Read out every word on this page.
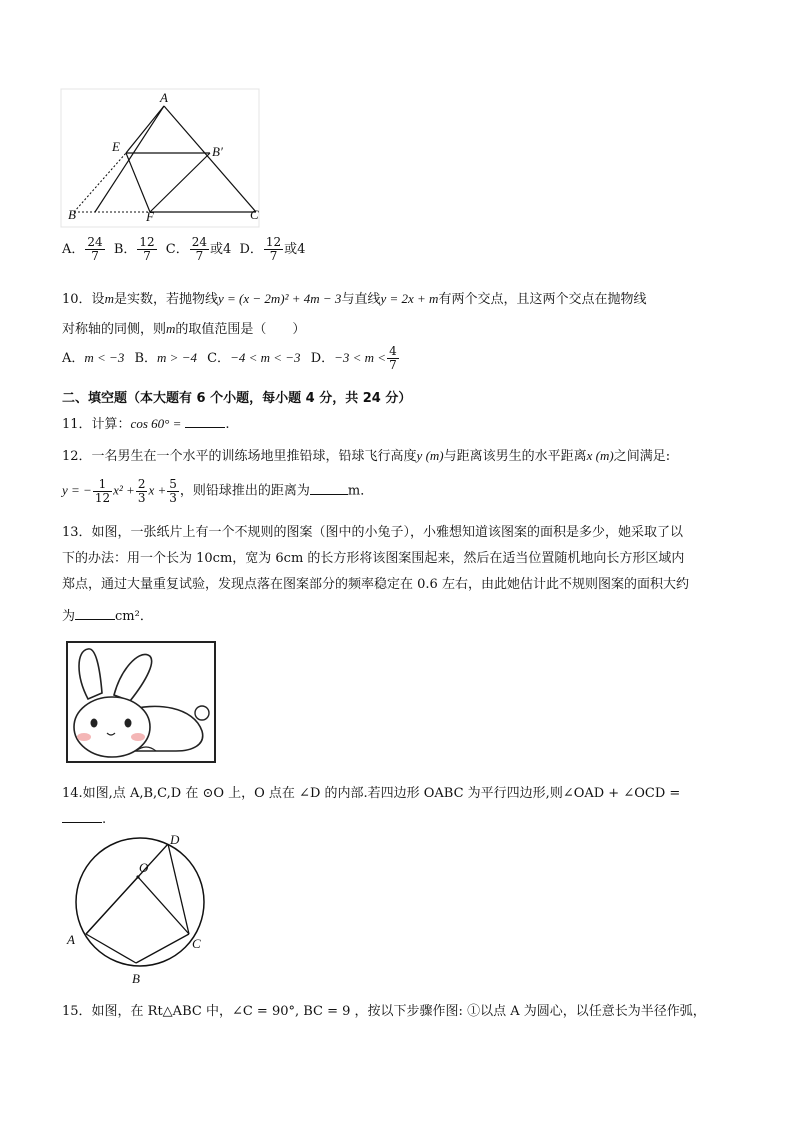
A
E	B′
B	F	C
A． $\frac{24}{7}$ B． $\frac{12}{7}$ C． $\frac{24}{7}$ 或4 D． $\frac{12}{7}$ 或4
10．设m是实数，若抛物线y = (x − 2m)² + 4m − 3与直线y = 2x + m有两个交点，且这两个交点在抛物线
对称轴的同侧，则m的取值范围是（　　）
A．m < −3 B．m > −4 C．−4 < m < −3 D．$-3 < m < \frac{4}{7}$
二、填空题（本大题有 6 个小题，每小题 4 分，共 24 分）
11．计算：cos 60° =	.
12．一名男生在一个水平的训练场地里推铅球，铅球飞行高度y (m)与距离该男生的水平距离x (m)之间满足:
y = − $\frac{1}{12} x^2 + \frac{2}{3}$ $x + \frac{5}{3}$ ，则铅球推出的距离为	m．
13．如图，一张纸片上有一个不规则的图案（图中的小兔子），小雅想知道该图案的面积是多少，她采取了以
下的办法：用一个长为 10cm，宽为 6cm 的长方形将该图案围起来，然后在适当位置随机地向长方形区域内
郑点，通过大量重复试验，发现点落在图案部分的频率稳定在 0.6 左右，由此她估计此不规则图案的面积大约
为	cm²．
14.如图,点 A,B,C,D 在 ⊙O 上，O 点在 ∠D 的内部.若四边形 OABC 为平行四边形,则∠OAD + ∠OCD =
.
D
O
A	C
B
15．如图，在 Rt△ABC 中，∠C = 90°, BC = 9 ，按以下步骤作图: ①以点 A 为圆心，以任意长为半径作弧，
